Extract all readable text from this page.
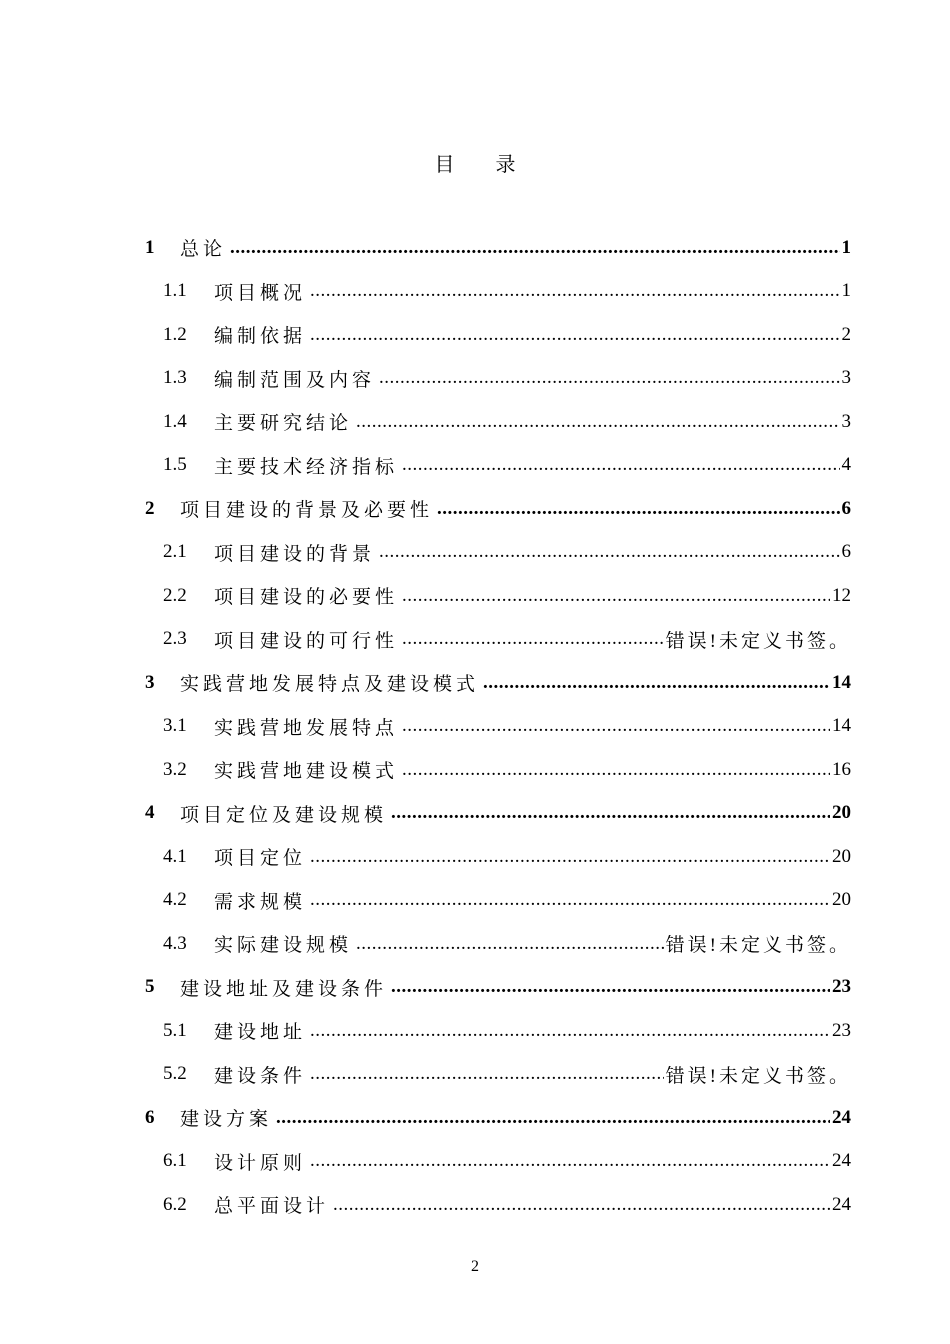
目 录
1	总论 .....	1
1.1	项目概况 .....	1
1.2	编制依据 .....	2
1.3	编制范围及内容 .....	3
1.4	主要研究结论 .....	3
1.5	主要技术经济指标 .....	4
2	项目建设的背景及必要性 .....	6
2.1	项目建设的背景 .....	6
2.2	项目建设的必要性 .....	12
2.3	项目建设的可行性 .....	错误!未定义书签。
3	实践营地发展特点及建设模式 .....	14
3.1	实践营地发展特点 .....	14
3.2	实践营地建设模式 .....	16
4	项目定位及建设规模 .....	20
4.1	项目定位 .....	20
4.2	需求规模 .....	20
4.3	实际建设规模 .....	错误!未定义书签。
5	建设地址及建设条件 .....	23
5.1	建设地址 .....	23
5.2	建设条件 .....	错误!未定义书签。
6	建设方案 .....	24
6.1	设计原则 .....	24
6.2	总平面设计 .....	24
2
